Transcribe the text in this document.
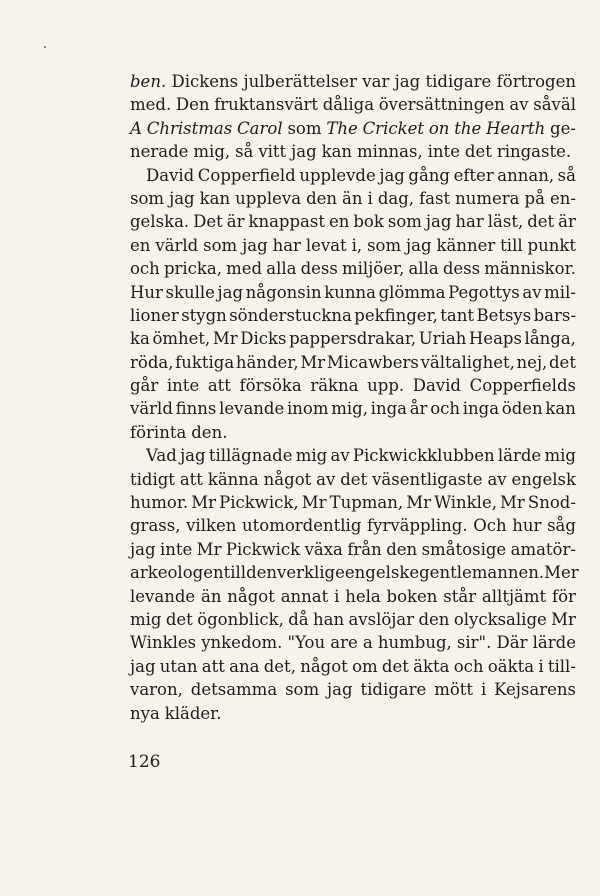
ben. Dickens julberättelser var jag tidigare förtrogen
med. Den fruktansvärt dåliga översättningen av såväl
A Christmas Carol som The Cricket on the Hearth ge-
nerade mig, så vitt jag kan minnas, inte det ringaste.
David Copperfield upplevde jag gång efter annan, så
som jag kan uppleva den än i dag, fast numera på en-
gelska. Det är knappast en bok som jag har läst, det är
en värld som jag har levat i, som jag känner till punkt
och pricka, med alla dess miljöer, alla dess människor.
Hur skulle jag någonsin kunna glömma Pegottys av mil-
lioner stygn sönderstuckna pekfinger, tant Betsys bars-
ka ömhet, Mr Dicks pappersdrakar, Uriah Heaps långa,
röda, fuktiga händer, Mr Micawbers vältalighet, nej, det
går inte att försöka räkna upp. David Copperfields
värld finns levande inom mig, inga år och inga öden kan
förinta den.
Vad jag tillägnade mig av Pickwickklubben lärde mig
tidigt att känna något av det väsentligaste av engelsk
humor. Mr Pickwick, Mr Tupman, Mr Winkle, Mr Snod-
grass, vilken utomordentlig fyrväppling. Och hur såg
jag inte Mr Pickwick växa från den småtosige amatör-
arkeologen till den verklige engelske gentlemannen. Mer
levande än något annat i hela boken står alltjämt för
mig det ögonblick, då han avslöjar den olycksalige Mr
Winkles ynkedom. "You are a humbug, sir". Där lärde
jag utan att ana det, något om det äkta och oäkta i till-
varon, detsamma som jag tidigare mött i Kejsarens
nya kläder.
126
